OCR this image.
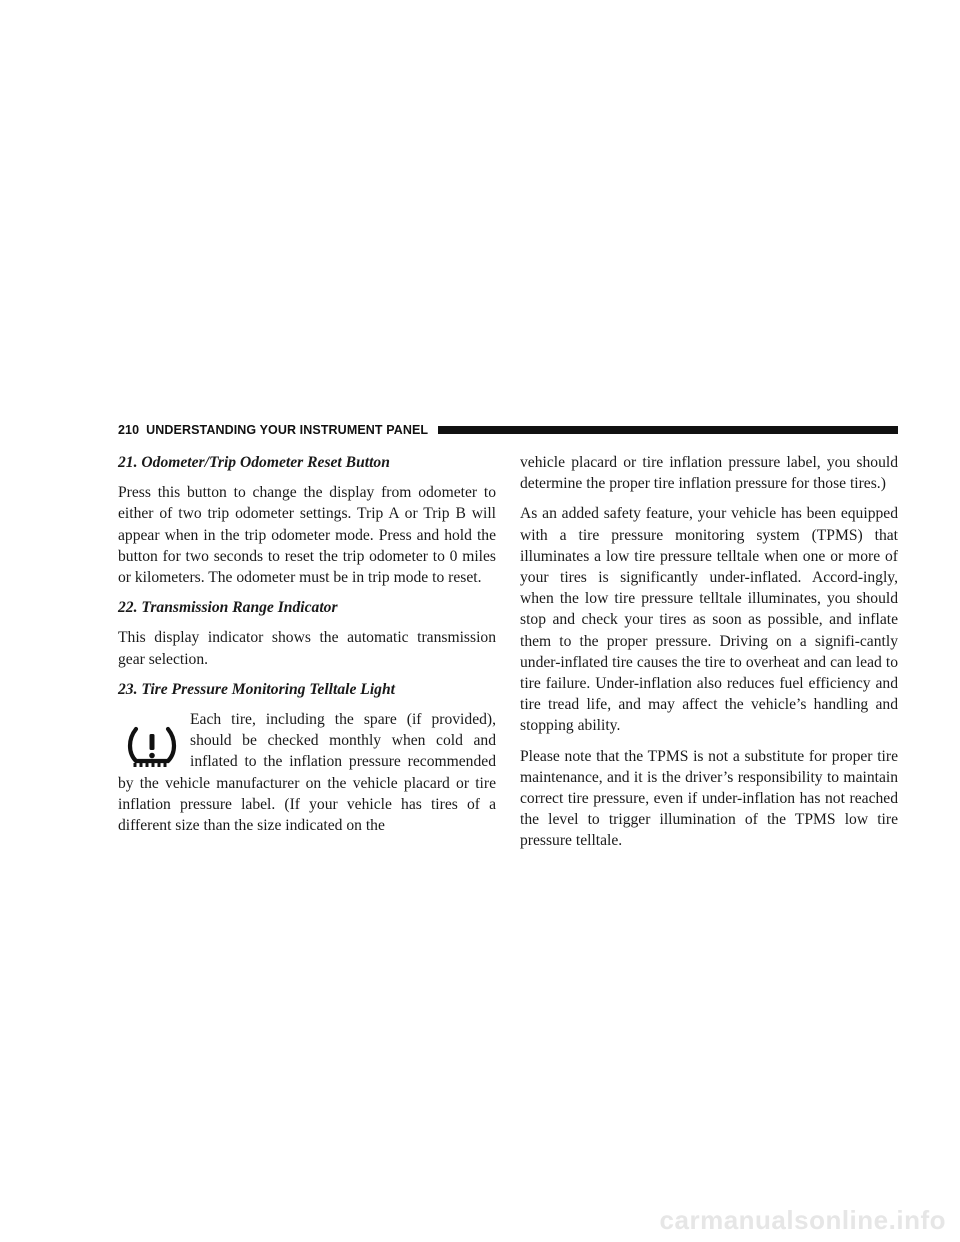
210 UNDERSTANDING YOUR INSTRUMENT PANEL

21. Odometer/Trip Odometer Reset Button

Press this button to change the display from odometer to either of two trip odometer settings. Trip A or Trip B will appear when in the trip odometer mode. Press and hold the button for two seconds to reset the trip odometer to 0 miles or kilometers. The odometer must be in trip mode to reset.

22. Transmission Range Indicator

This display indicator shows the automatic transmission gear selection.

23. Tire Pressure Monitoring Telltale Light

Each tire, including the spare (if provided), should be checked monthly when cold and inflated to the inflation pressure recommended by the vehicle manufacturer on the vehicle placard or tire inflation pressure label. (If your vehicle has tires of a different size than the size indicated on the

vehicle placard or tire inflation pressure label, you should determine the proper tire inflation pressure for those tires.)

As an added safety feature, your vehicle has been equipped with a tire pressure monitoring system (TPMS) that illuminates a low tire pressure telltale when one or more of your tires is significantly under-inflated. Accord-ingly, when the low tire pressure telltale illuminates, you should stop and check your tires as soon as possible, and inflate them to the proper pressure. Driving on a signifi-cantly under-inflated tire causes the tire to overheat and can lead to tire failure. Under-inflation also reduces fuel efficiency and tire tread life, and may affect the vehicle’s handling and stopping ability.

Please note that the TPMS is not a substitute for proper tire maintenance, and it is the driver’s responsibility to maintain correct tire pressure, even if under-inflation has not reached the level to trigger illumination of the TPMS low tire pressure telltale.

carmanualsonline.info
